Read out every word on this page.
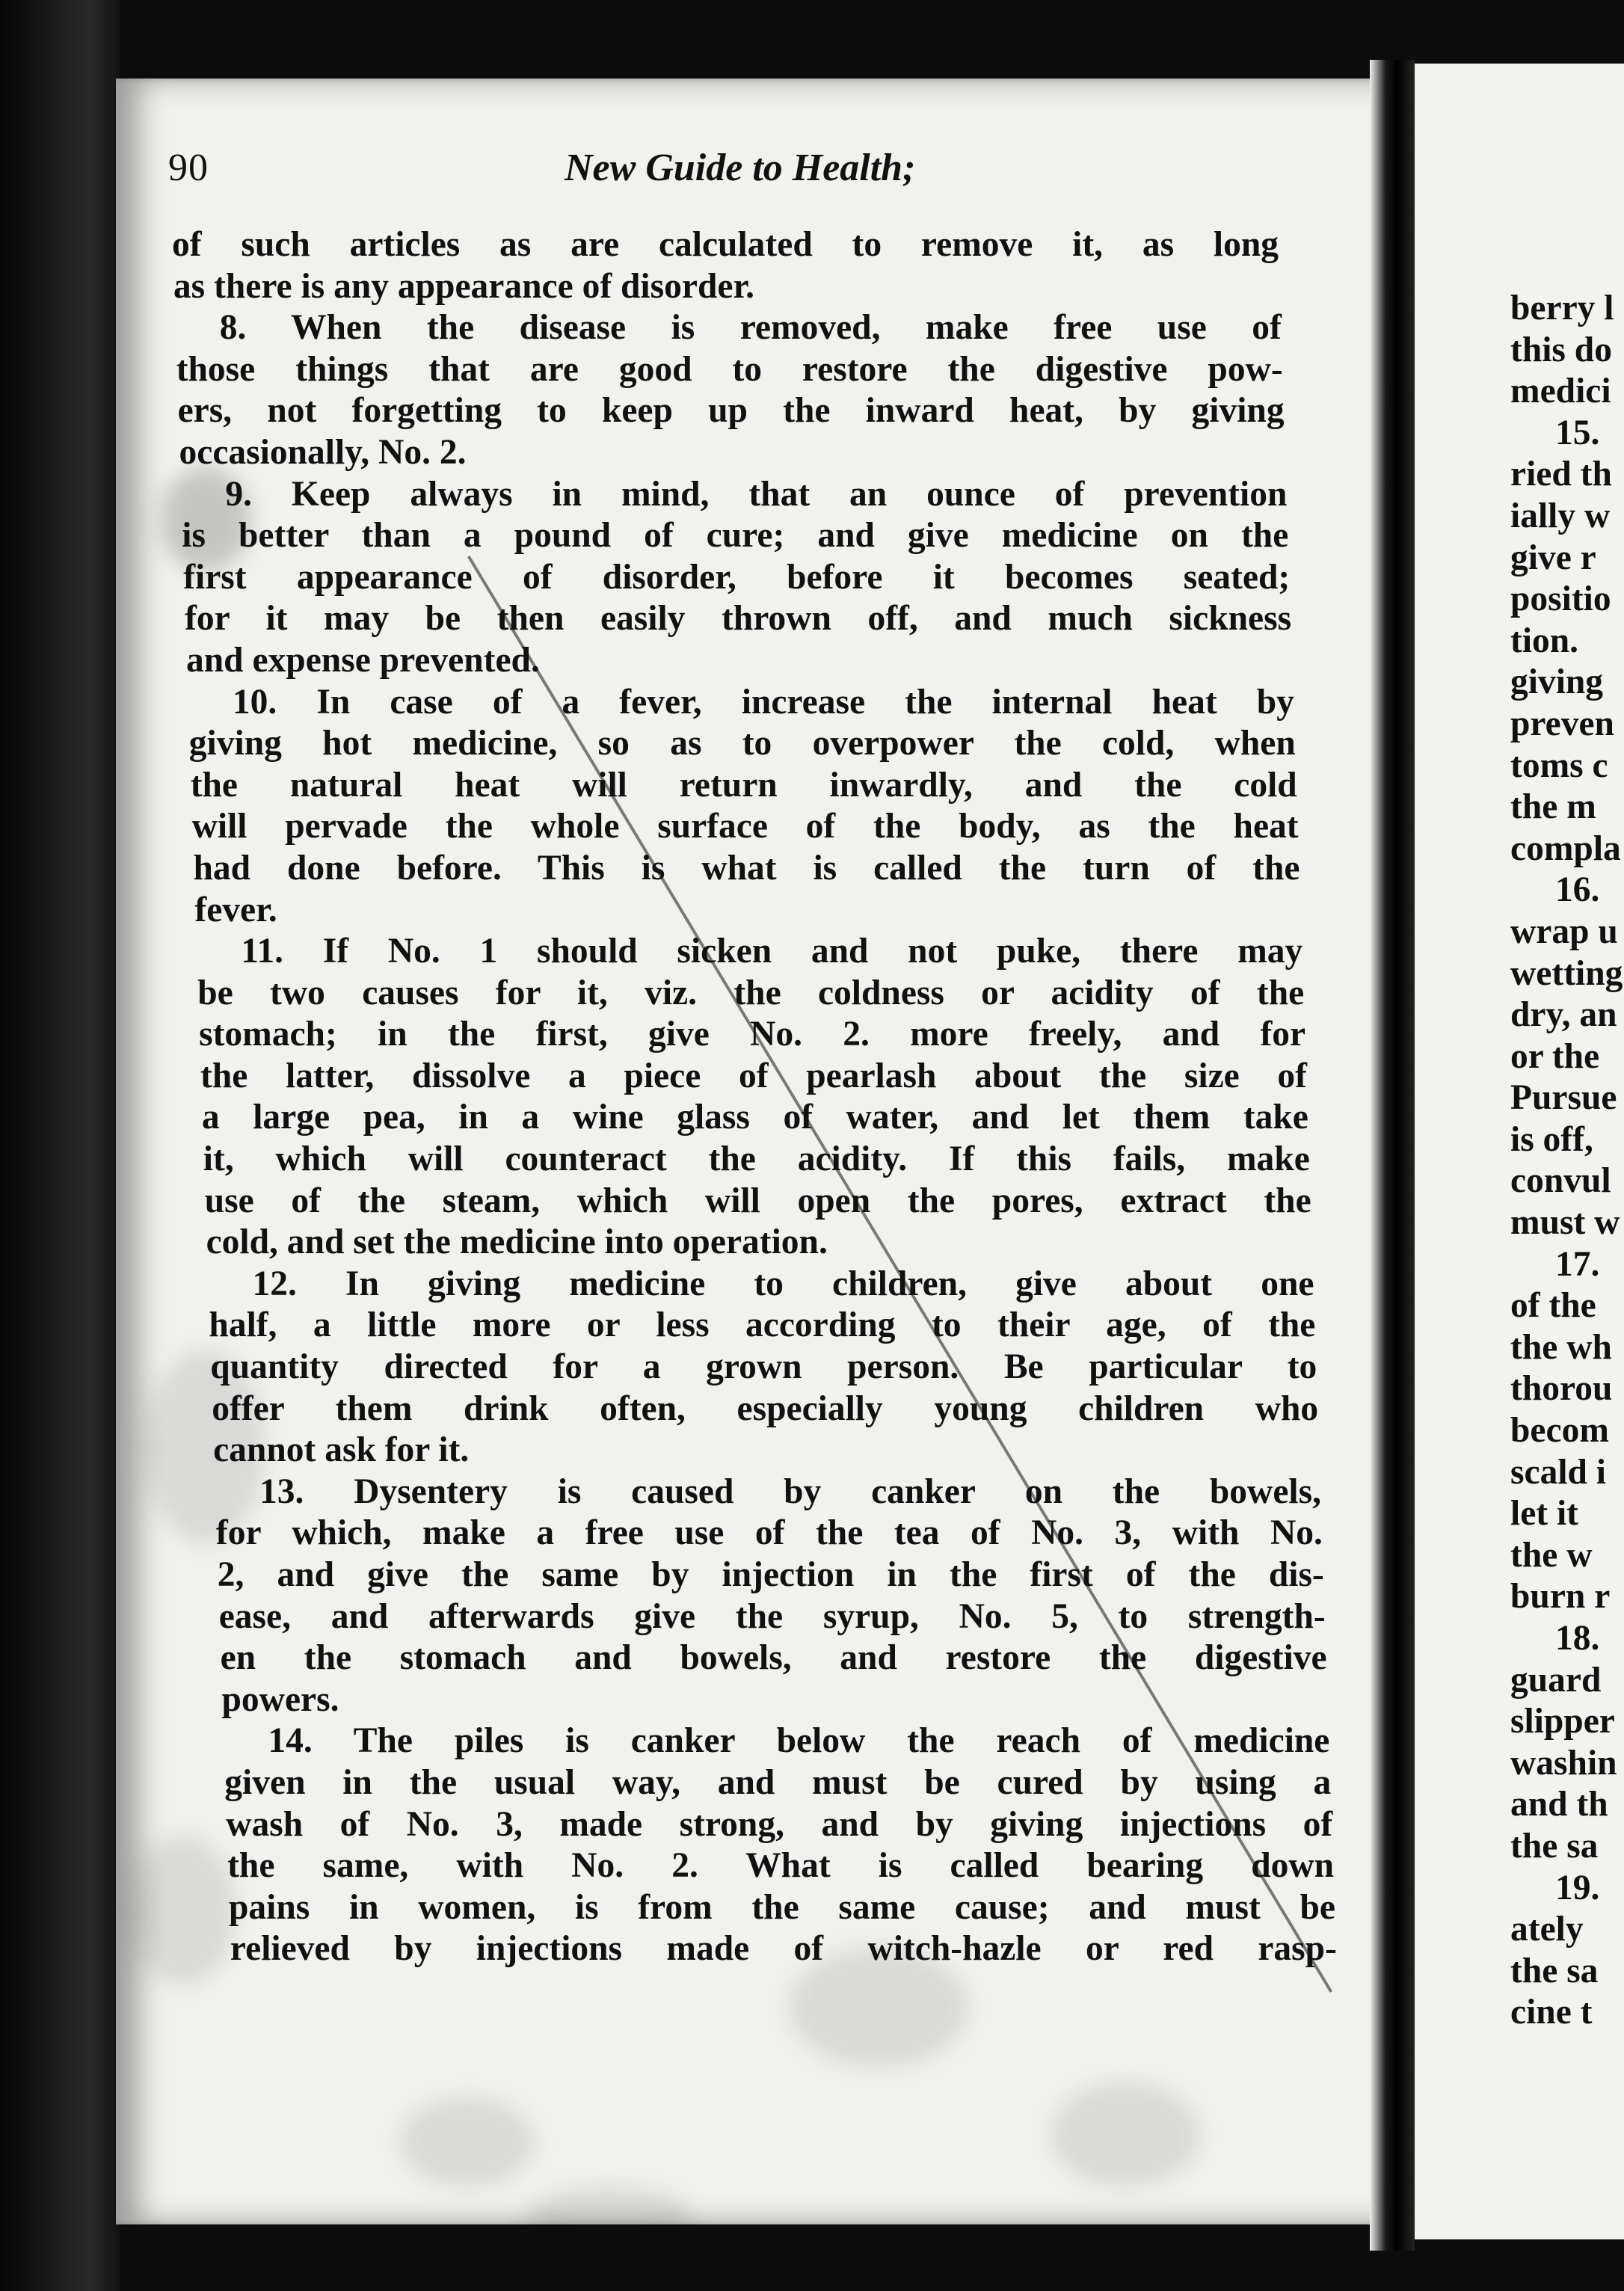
berry l
this do
medici
15.
ried th
ially w
give r
positio
tion.
giving
preven
toms c
the m
compla
16.
wrap u
wetting
dry, an
or the
Pursue
is off,
convul
must w
17.
of the
the wh
thorou
becom
scald i
let it
the w
burn r
18.
guard
slipper
washin
and th
the sa
19.
ately
the sa
cine t
90	New Guide to Health;
of such articles as are calculated to remove it, as long
as there is any appearance of disorder.
8. When the disease is removed, make free use of
those things that are good to restore the digestive pow-
ers, not forgetting to keep up the inward heat, by giving
occasionally, No. 2.
9. Keep always in mind, that an ounce of prevention
is better than a pound of cure; and give medicine on the
first appearance of disorder, before it becomes seated;
for it may be then easily thrown off, and much sickness
and expense prevented.
10. In case of a fever, increase the internal heat by
giving hot medicine, so as to overpower the cold, when
the natural heat will return inwardly, and the cold
will pervade the whole surface of the body, as the heat
had done before. This is what is called the turn of the
fever.
11. If No. 1 should sicken and not puke, there may
be two causes for it, viz. the coldness or acidity of the
stomach; in the first, give No. 2. more freely, and for
the latter, dissolve a piece of pearlash about the size of
a large pea, in a wine glass of water, and let them take
it, which will counteract the acidity. If this fails, make
use of the steam, which will open the pores, extract the
cold, and set the medicine into operation.
12. In giving medicine to children, give about one
half, a little more or less according to their age, of the
quantity directed for a grown person. Be particular to
offer them drink often, especially young children who
cannot ask for it.
13. Dysentery is caused by canker on the bowels,
for which, make a free use of the tea of No. 3, with No.
2, and give the same by injection in the first of the dis-
ease, and afterwards give the syrup, No. 5, to strength-
en the stomach and bowels, and restore the digestive
powers.
14. The piles is canker below the reach of medicine
given in the usual way, and must be cured by using a
wash of No. 3, made strong, and by giving injections of
the same, with No. 2. What is called bearing down
pains in women, is from the same cause; and must be
relieved by injections made of witch-hazle or red rasp-
